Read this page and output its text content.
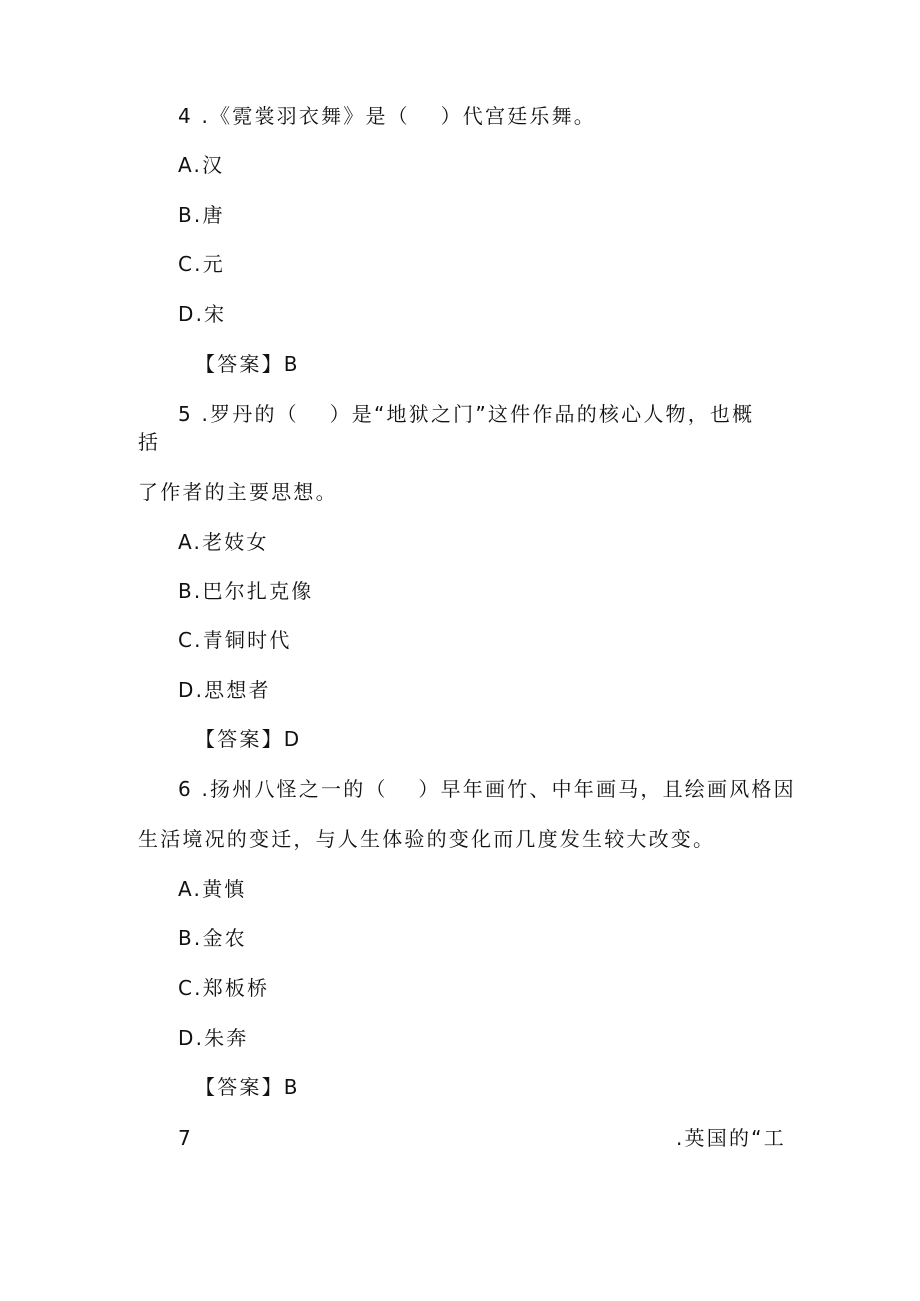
4 .《霓裳羽衣舞》是（　 ）代宫廷乐舞。

A.汉

B.唐

C.元

D.宋

【答案】B

5 .罗丹的（　 ）是“地狱之门”这件作品的核心人物，也概

括

了作者的主要思想。

A.老妓女

B.巴尔扎克像

C.青铜时代

D.思想者

【答案】D

6 .扬州八怪之一的（　 ）早年画竹、中年画马，且绘画风格因

生活境况的变迁，与人生体验的变化而几度发生较大改变。

A.黄慎

B.金农

C.郑板桥

D.朱奔

【答案】B

7	.英国的“工
